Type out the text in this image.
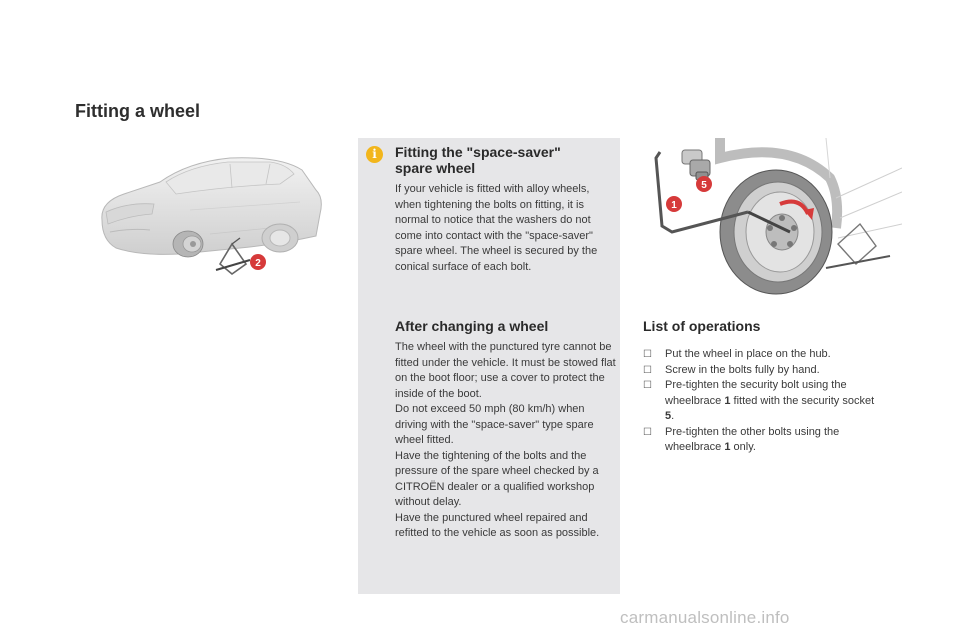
Fitting a wheel
2
i	Fitting the "space-saver" spare wheel

If your vehicle is fitted with alloy wheels, when tightening the bolts on fitting, it is normal to notice that the washers do not come into contact with the "space-saver" spare wheel. The wheel is secured by the conical surface of each bolt.

After changing a wheel

The wheel with the punctured tyre cannot be fitted under the vehicle. It must be stowed flat on the boot floor; use a cover to protect the inside of the boot.

Do not exceed 50 mph (80 km/h) when driving with the "space-saver" type spare wheel fitted.

Have the tightening of the bolts and the pressure of the spare wheel checked by a CITROËN dealer or a qualified workshop without delay.

Have the punctured wheel repaired and refitted to the vehicle as soon as possible.

1
5
List of operations
☐ Put the wheel in place on the hub.
☐ Screw in the bolts fully by hand.
☐ Pre-tighten the security bolt using the wheelbrace 1 fitted with the security socket 5.
☐ Pre-tighten the other bolts using the wheelbrace 1 only.
carmanualsonline.info
